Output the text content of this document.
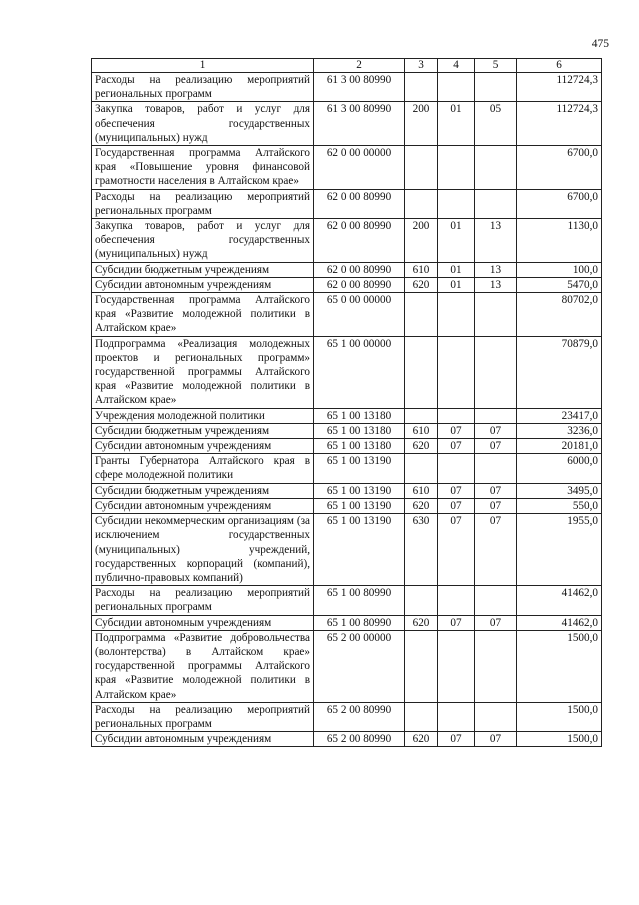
475
1	2	3	4	5	6
Расходы на реализацию мероприятий региональных программ	61 3 00 80990				112724,3
Закупка товаров, работ и услуг для обеспечения государственных (муниципальных) нужд	61 3 00 80990	200	01	05	112724,3
Государственная программа Алтайского края «Повышение уровня финансовой грамотности населения в Алтайском крае»	62 0 00 00000				6700,0
Расходы на реализацию мероприятий региональных программ	62 0 00 80990				6700,0
Закупка товаров, работ и услуг для обеспечения государственных (муниципальных) нужд	62 0 00 80990	200	01	13	1130,0
Субсидии бюджетным учреждениям	62 0 00 80990	610	01	13	100,0
Субсидии автономным учреждениям	62 0 00 80990	620	01	13	5470,0
Государственная программа Алтайского края «Развитие молодежной политики в Алтайском крае»	65 0 00 00000				80702,0
Подпрограмма «Реализация молодежных проектов и региональных программ» государственной программы Алтайского края «Развитие молодежной политики в Алтайском крае»	65 1 00 00000				70879,0
Учреждения молодежной политики	65 1 00 13180				23417,0
Субсидии бюджетным учреждениям	65 1 00 13180	610	07	07	3236,0
Субсидии автономным учреждениям	65 1 00 13180	620	07	07	20181,0
Гранты Губернатора Алтайского края в сфере молодежной политики	65 1 00 13190				6000,0
Субсидии бюджетным учреждениям	65 1 00 13190	610	07	07	3495,0
Субсидии автономным учреждениям	65 1 00 13190	620	07	07	550,0
Субсидии некоммерческим организациям (за исключением государственных (муниципальных) учреждений, государственных корпораций (компаний), публично-правовых компаний)	65 1 00 13190	630	07	07	1955,0
Расходы на реализацию мероприятий региональных программ	65 1 00 80990				41462,0
Субсидии автономным учреждениям	65 1 00 80990	620	07	07	41462,0
Подпрограмма «Развитие добровольчества (волонтерства) в Алтайском крае» государственной программы Алтайского края «Развитие молодежной политики в Алтайском крае»	65 2 00 00000				1500,0
Расходы на реализацию мероприятий региональных программ	65 2 00 80990				1500,0
Субсидии автономным учреждениям	65 2 00 80990	620	07	07	1500,0
